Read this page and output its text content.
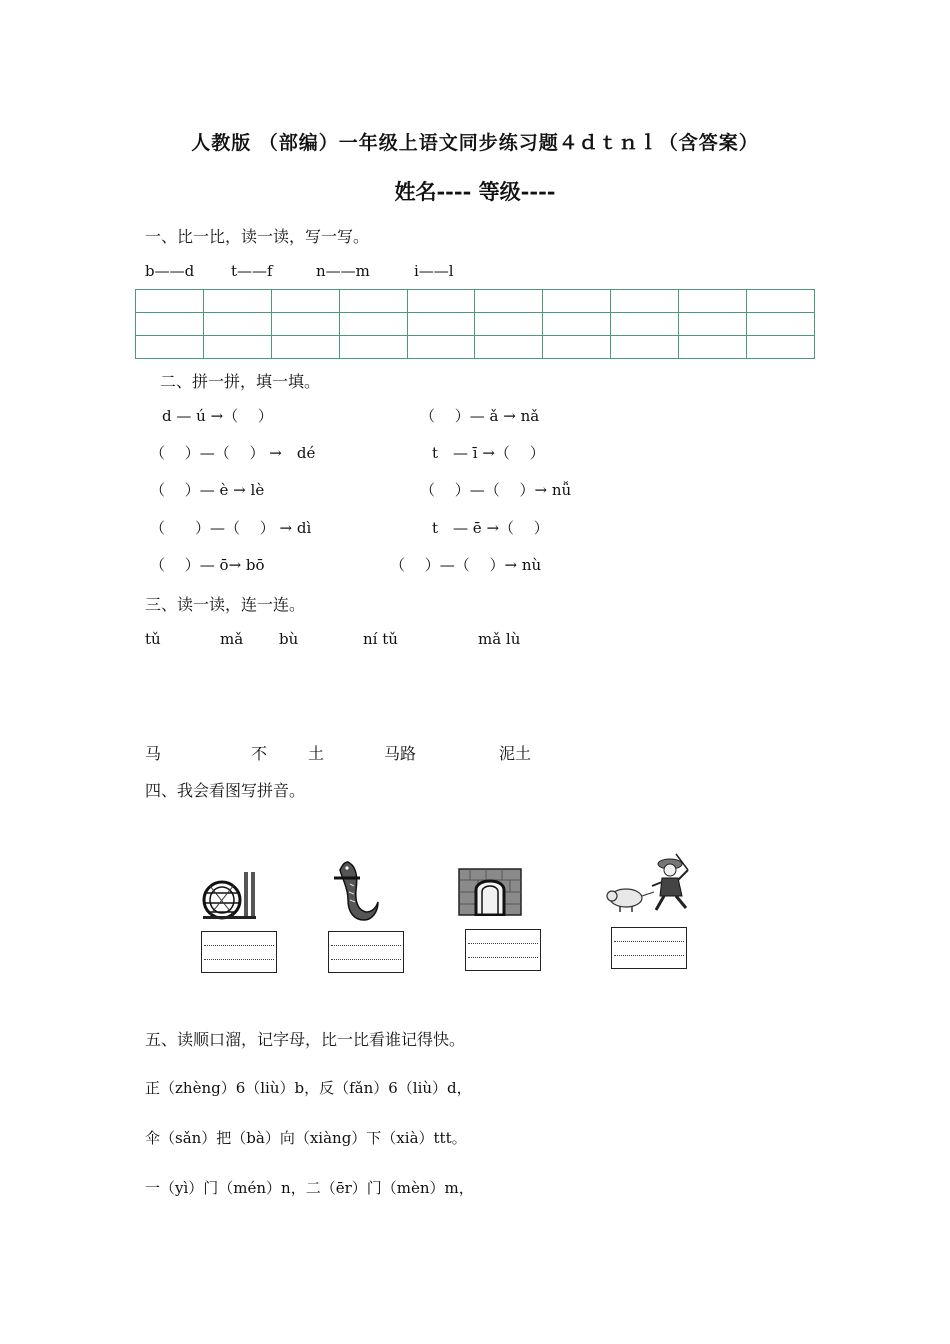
人教版 （部编）一年级上语文同步练习题４ｄｔｎｌ（含答案）
姓名---- 等级----
一、比一比，读一读，写一写。
b——d t——f	n——m	i——l

二、拼一拼，填一填。
d — ú →（　 ）	（　 ）— ǎ → nǎ
（　 ）—（　 ） →　dé	t　— ī →（　 ）
（　 ）— è → lè	（　 ）—（　 ）→ nǚ
（　　）—（　 ） → dì	t　— ē →（　 ）
（　 ）— ō→ bō	（　 ）—（　 ）→ nù
三、读一读，连一连。
tǔ	mǎ bù	ní tǔ	mǎ lù
马	不	土	马路	泥土
四、我会看图写拼音。
五、读顺口溜，记字母，比一比看谁记得快。
正（zhèng）6（liù）b，反（fǎn）6（liù）d，
伞（sǎn）把（bà）向（xiàng）下（xià）ttt。
一（yì）门（mén）n，二（ēr）门（mèn）m，
